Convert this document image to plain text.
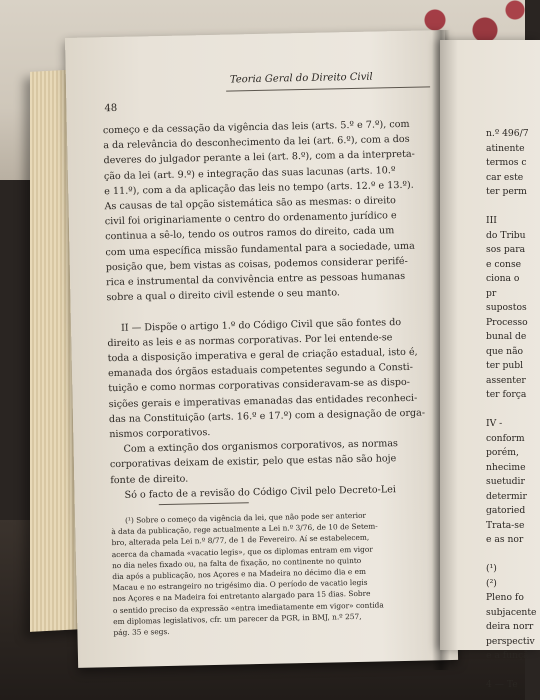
48
Teoria Geral do Direito Civil
começo e da cessação da vigência das leis (arts. 5.º e 7.º), com
a da relevância do desconhecimento da lei (art. 6.º), com a dos
deveres do julgador perante a lei (art. 8.º), com a da interpreta-
ção da lei (art. 9.º) e integração das suas lacunas (arts. 10.º
e 11.º), com a da aplicação das leis no tempo (arts. 12.º e 13.º).
As causas de tal opção sistemática são as mesmas: o direito
civil foi originariamente o centro do ordenamento jurídico e
continua a sê-lo, tendo os outros ramos do direito, cada um
com uma específica missão fundamental para a sociedade, uma
posição que, bem vistas as coisas, podemos considerar perifé-
rica e instrumental da convivência entre as pessoas humanas
sobre a qual o direito civil estende o seu manto.
II — Dispõe o artigo 1.º do Código Civil que são fontes do
direito as leis e as normas corporativas. Por lei entende-se
toda a disposição imperativa e geral de criação estadual, isto é,
emanada dos órgãos estaduais competentes segundo a Consti-
tuição e como normas corporativas consideravam-se as dispo-
sições gerais e imperativas emanadas das entidades reconheci-
das na Constituição (arts. 16.º e 17.º) com a designação de orga-
nismos corporativos.
Com a extinção dos organismos corporativos, as normas
corporativas deixam de existir, pelo que estas não são hoje
fonte de direito.
Só o facto de a revisão do Código Civil pelo Decreto-Lei
(¹) Sobre o começo da vigência da lei, que não pode ser anterior
à data da publicação, rege actualmente a Lei n.º 3/76, de 10 de Setem-
bro, alterada pela Lei n.º 8/77, de 1 de Fevereiro. Aí se estabelecem,
acerca da chamada «vacatio legis», que os diplomas entram em vigor
no dia neles fixado ou, na falta de fixação, no continente no quinto
dia após a publicação, nos Açores e na Madeira no décimo dia e em
Macau e no estrangeiro no trigésimo dia. O período de vacatio legis
nos Açores e na Madeira foi entretanto alargado para 15 dias. Sobre
o sentido preciso da expressão «entra imediatamente em vigor» contida
em diplomas legislativos, cfr. um parecer da PGR, in BMJ, n.º 257,
pág. 35 e segs.
n.º 496/7
atinente
termos c
car este
ter perm
III
do Tribu
sos para
e conse
ciona o
pr
supostos
Processo
bunal de
que não
ter publ
assenter
ter força
IV -
conform
porém,
nhecime
suetudir
determir
gatoried
Trata-se
e as nor
(¹)
(²)
Pleno fo
subjacente
deira norr
perspectiv
e a funçã
4 — Te
